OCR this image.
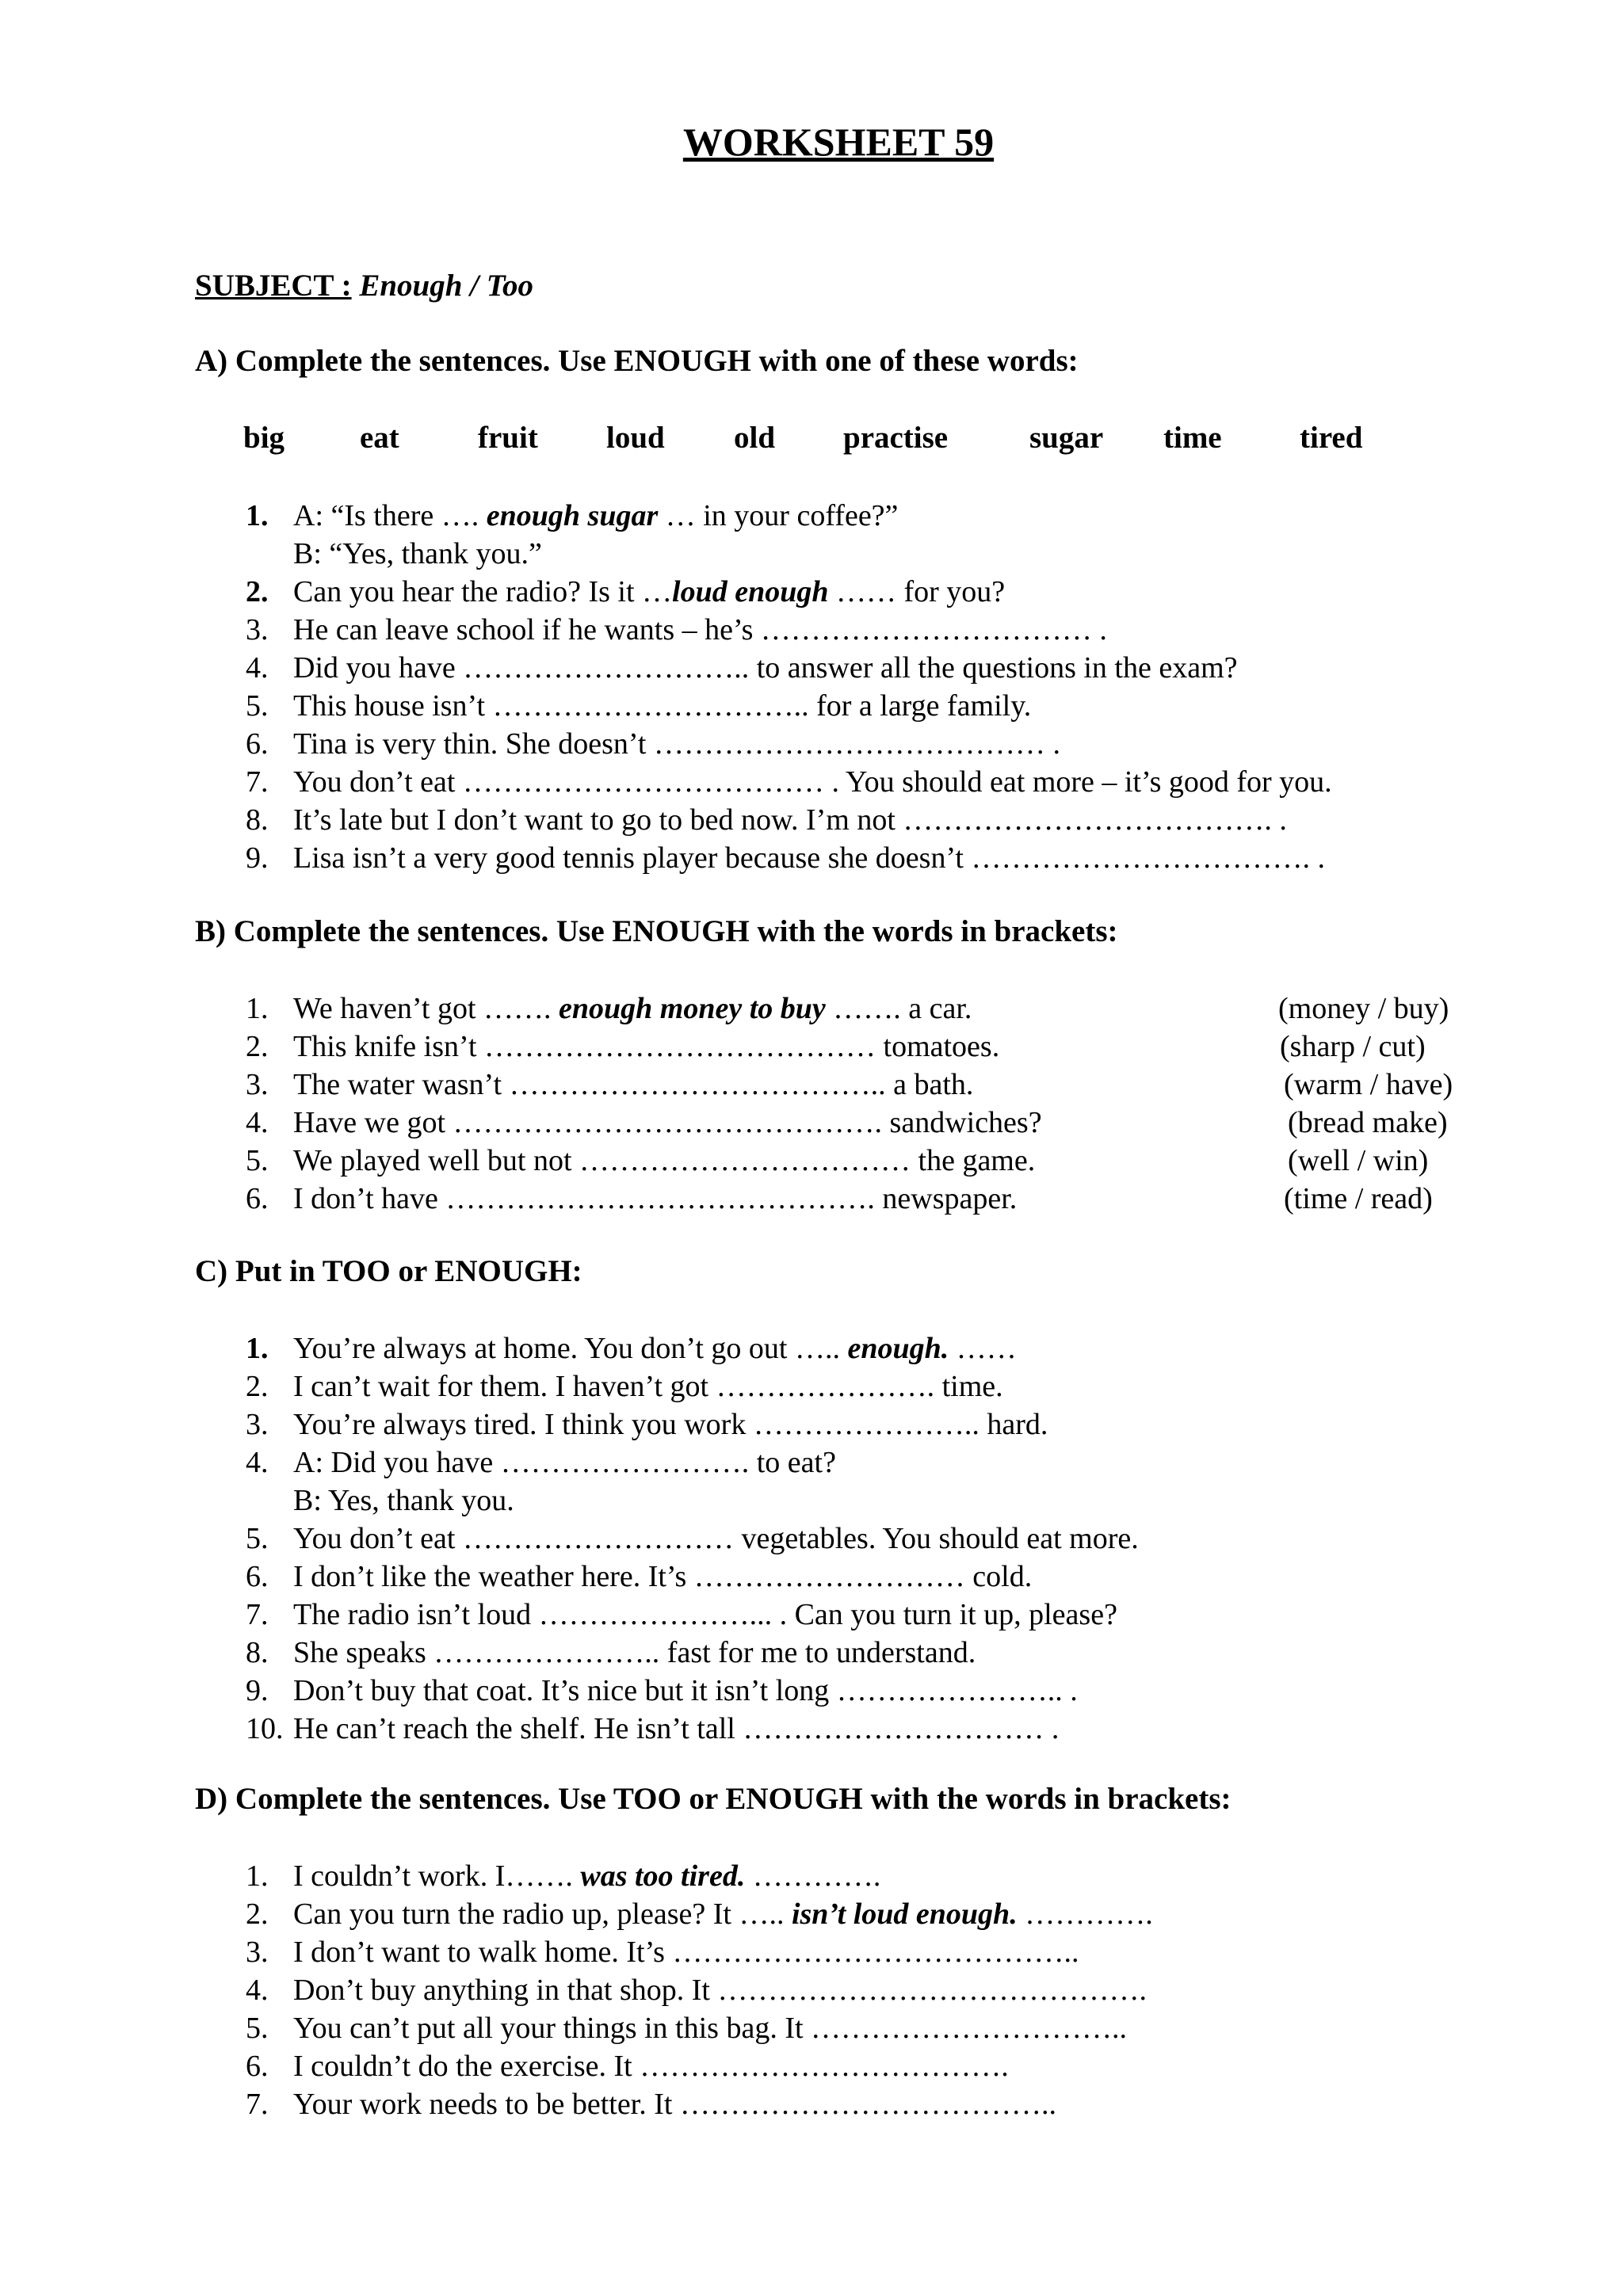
WORKSHEET 59
SUBJECT : Enough / Too
A) Complete the sentences. Use ENOUGH with one of these words:
big eat	fruit loud old practise	sugar time	tired
1. A: “Is there …. enough sugar … in your coffee?”
B: “Yes, thank you.”
2. Can you hear the radio? Is it …loud enough …… for you?
3. He can leave school if he wants – he’s …………………………… .
4. Did you have ……………………….. to answer all the questions in the exam?
5. This house isn’t ………………………….. for a large family.
6. Tina is very thin. She doesn’t ………………………………… .
7. You don’t eat ……………………………… . You should eat more – it’s good for you.
8. It’s late but I don’t want to go to bed now. I’m not ………………………………. .
9. Lisa isn’t a very good tennis player because she doesn’t ……………………………. .
B) Complete the sentences. Use ENOUGH with the words in brackets:
1. We haven’t got ……. enough money to buy ……. a car.	(money / buy)
2. This knife isn’t ………………………………… tomatoes.	(sharp / cut)
3. The water wasn’t ……………………………….. a bath.	(warm / have)
4. Have we got ……………………………………. sandwiches?	(bread make)
5. We played well but not …………………………… the game.	(well / win)
6. I don’t have ……………………………………. newspaper.	(time / read)
C) Put in TOO or ENOUGH:
1. You’re always at home. You don’t go out ….. enough. ……
2. I can’t wait for them. I haven’t got …………………. time.
3. You’re always tired. I think you work ………………….. hard.
4. A: Did you have ……………………. to eat?
B: Yes, thank you.
5. You don’t eat ……………………… vegetables. You should eat more.
6. I don’t like the weather here. It’s ……………………… cold.
7. The radio isn’t loud …………………... . Can you turn it up, please?
8. She speaks ………………….. fast for me to understand.
9. Don’t buy that coat. It’s nice but it isn’t long ………………….. .
10. He can’t reach the shelf. He isn’t tall ………………………… .
D) Complete the sentences. Use TOO or ENOUGH with the words in brackets:
1. I couldn’t work. I……. was too tired. ………….
2. Can you turn the radio up, please? It ….. isn’t loud enough. ………….
3. I don’t want to walk home. It’s …………………………………..
4. Don’t buy anything in that shop. It …………………………………….
5. You can’t put all your things in this bag. It …………………………..
6. I couldn’t do the exercise. It ……………………………….
7. Your work needs to be better. It ………………………………..
